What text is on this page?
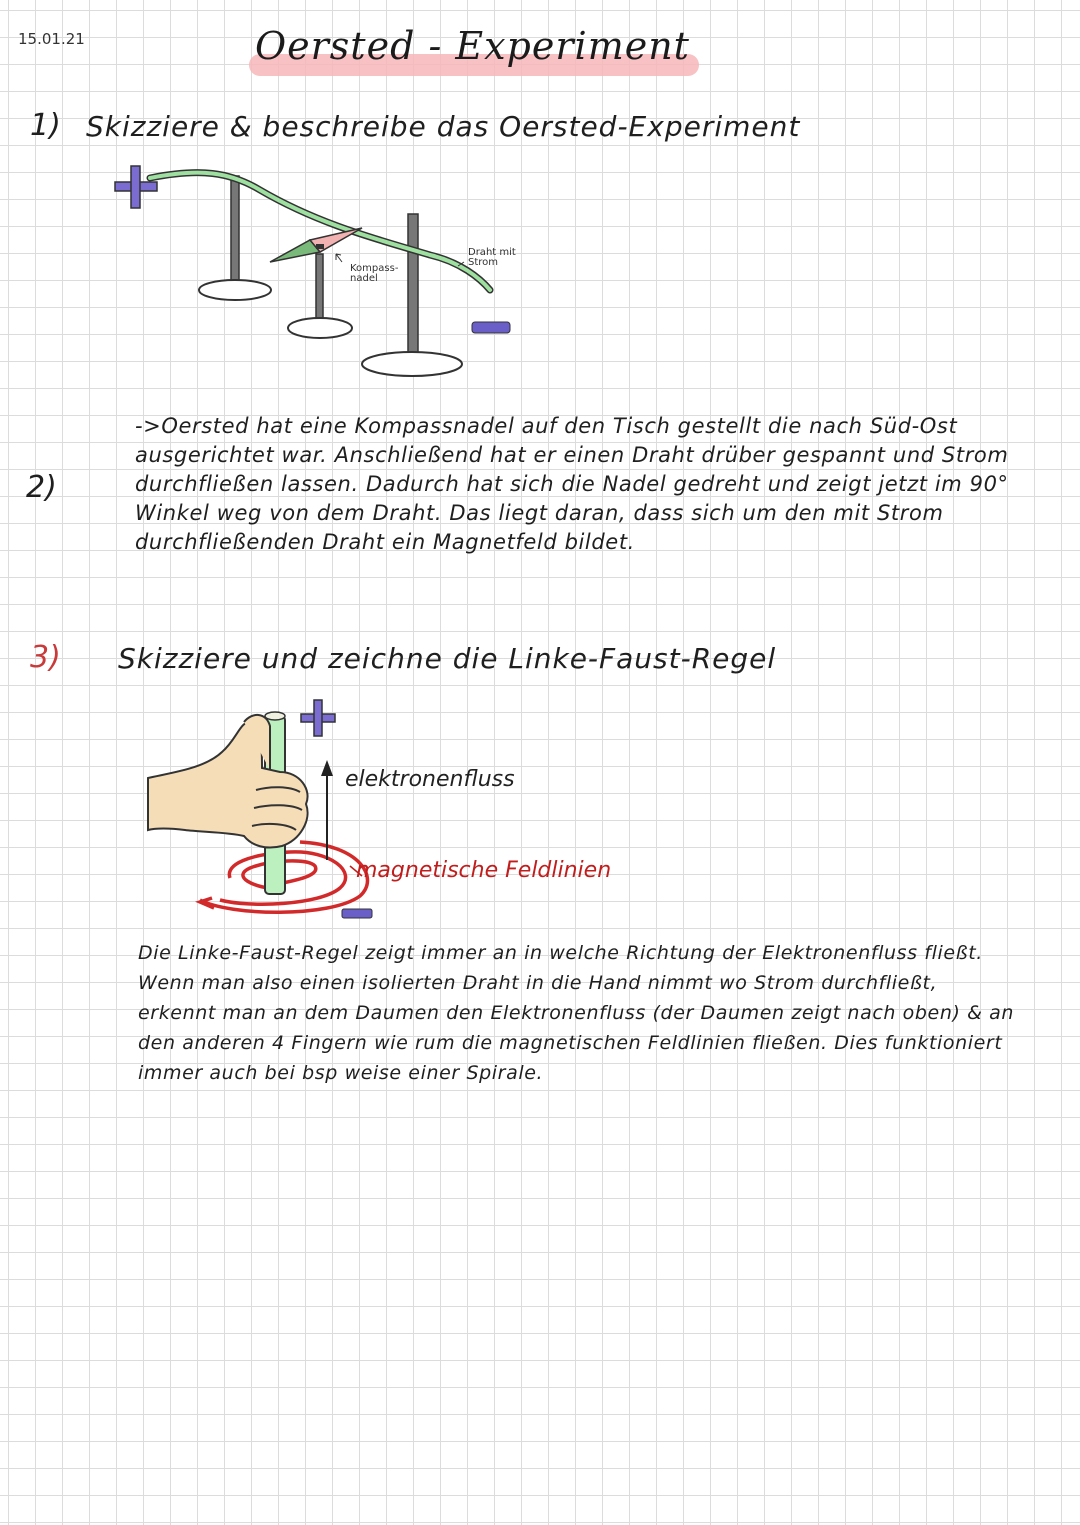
15.01.21	Oersted - Experiment
1) Skizziere & beschreibe das Oersted-Experiment
Kompass-nadel
Draht mit Strom
2)
->Oersted hat eine Kompassnadel auf den Tisch gestellt die nach Süd-Ost ausgerichtet war. Anschließend hat er einen Draht drüber gespannt und Strom durchfließen lassen. Dadurch hat sich die Nadel gedreht und zeigt jetzt im 90° Winkel weg von dem Draht. Das liegt daran, dass sich um den mit Strom durchfließenden Draht ein Magnetfeld bildet.
3) Skizziere und zeichne die Linke-Faust-Regel
elektronenfluss
magnetische Feldlinien
Die Linke-Faust-Regel zeigt immer an in welche Richtung der Elektronenfluss fließt. Wenn man also einen isolierten Draht in die Hand nimmt wo Strom durchfließt, erkennt man an dem Daumen den Elektronenfluss (der Daumen zeigt nach oben) & an den anderen 4 Fingern wie rum die magnetischen Feldlinien fließen. Dies funktioniert immer auch bei bsp weise einer Spirale.
